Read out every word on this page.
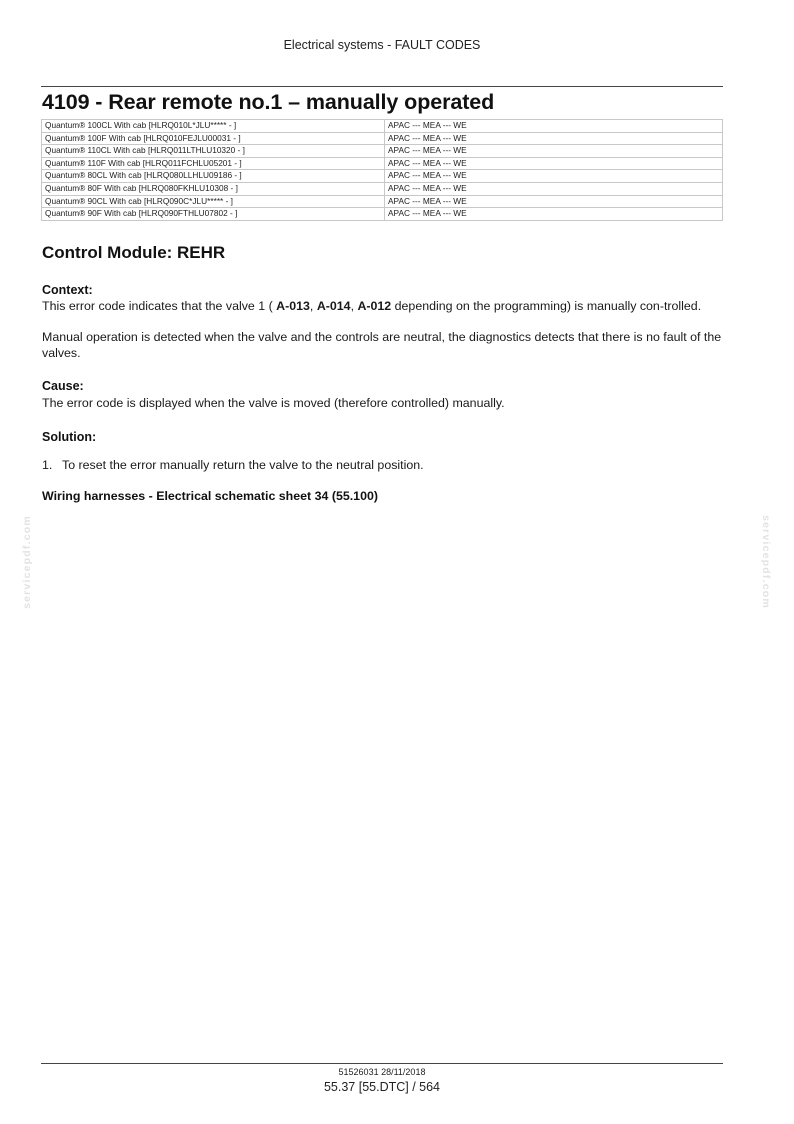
Electrical systems - FAULT CODES
4109 - Rear remote no.1 – manually operated
Quantum® 100CL With cab [HLRQ010L*JLU***** - ]	APAC --- MEA --- WE
Quantum® 100F With cab [HLRQ010FEJLU00031 - ]	APAC --- MEA --- WE
Quantum® 110CL With cab [HLRQ011LTHLU10320 - ]	APAC --- MEA --- WE
Quantum® 110F With cab [HLRQ011FCHLU05201 - ]	APAC --- MEA --- WE
Quantum® 80CL With cab [HLRQ080LLHLU09186 - ]	APAC --- MEA --- WE
Quantum® 80F With cab [HLRQ080FKHLU10308 - ]	APAC --- MEA --- WE
Quantum® 90CL With cab [HLRQ090C*JLU***** - ]	APAC --- MEA --- WE
Quantum® 90F With cab [HLRQ090FTHLU07802 - ]	APAC --- MEA --- WE
Control Module: REHR
Context:
This error code indicates that the valve 1 ( A-013, A-014, A-012 depending on the programming) is manually con-trolled.
Manual operation is detected when the valve and the controls are neutral, the diagnostics detects that there is no fault of the valves.
Cause:
The error code is displayed when the valve is moved (therefore controlled) manually.
Solution:
1. To reset the error manually return the valve to the neutral position.
Wiring harnesses - Electrical schematic sheet 34 (55.100)
servicepdf.com	servicepdf.com
51526031 28/11/2018
55.37 [55.DTC] / 564
